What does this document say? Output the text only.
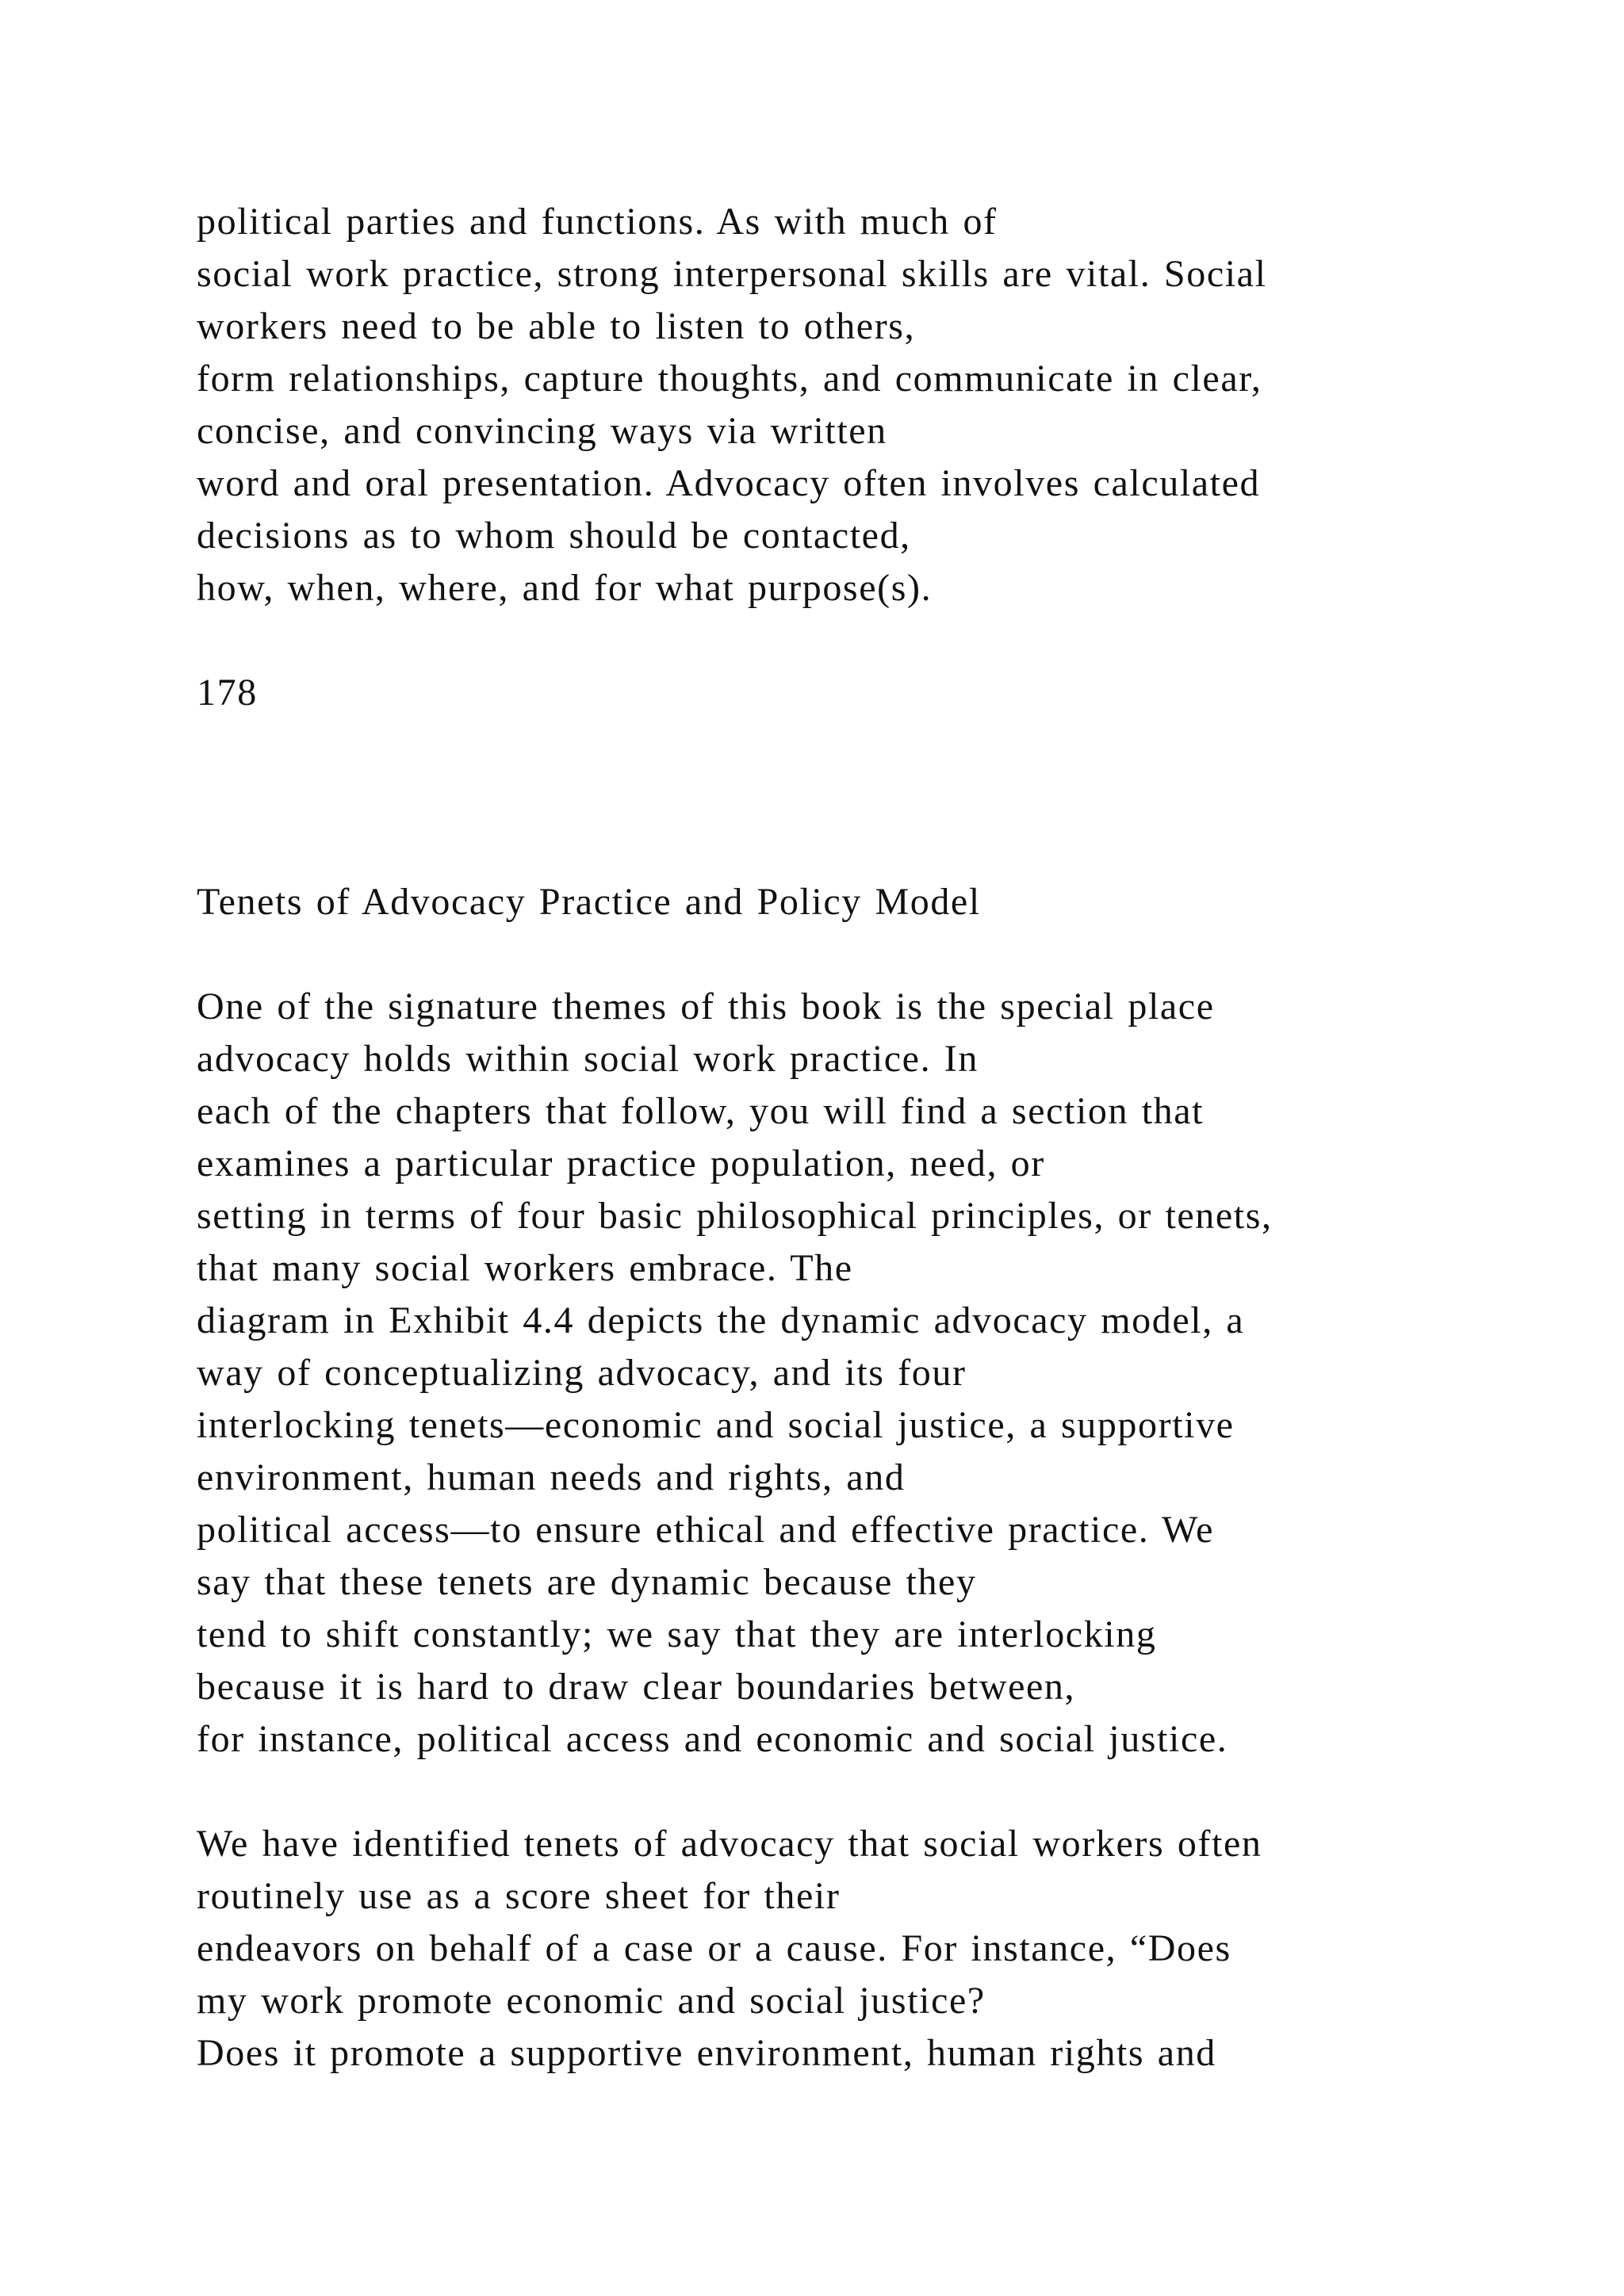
political parties and functions. As with much of

social work practice, strong interpersonal skills are vital. Social

workers need to be able to listen to others,

form relationships, capture thoughts, and communicate in clear,

concise, and convincing ways via written

word and oral presentation. Advocacy often involves calculated

decisions as to whom should be contacted,

how, when, where, and for what purpose(s).

178

Tenets of Advocacy Practice and Policy Model

One of the signature themes of this book is the special place

advocacy holds within social work practice. In

each of the chapters that follow, you will find a section that

examines a particular practice population, need, or

setting in terms of four basic philosophical principles, or tenets,

that many social workers embrace. The

diagram in Exhibit 4.4 depicts the dynamic advocacy model, a

way of conceptualizing advocacy, and its four

interlocking tenets—economic and social justice, a supportive

environment, human needs and rights, and

political access—to ensure ethical and effective practice. We

say that these tenets are dynamic because they

tend to shift constantly; we say that they are interlocking

because it is hard to draw clear boundaries between,

for instance, political access and economic and social justice.

We have identified tenets of advocacy that social workers often

routinely use as a score sheet for their

endeavors on behalf of a case or a cause. For instance, “Does

my work promote economic and social justice?

Does it promote a supportive environment, human rights and
